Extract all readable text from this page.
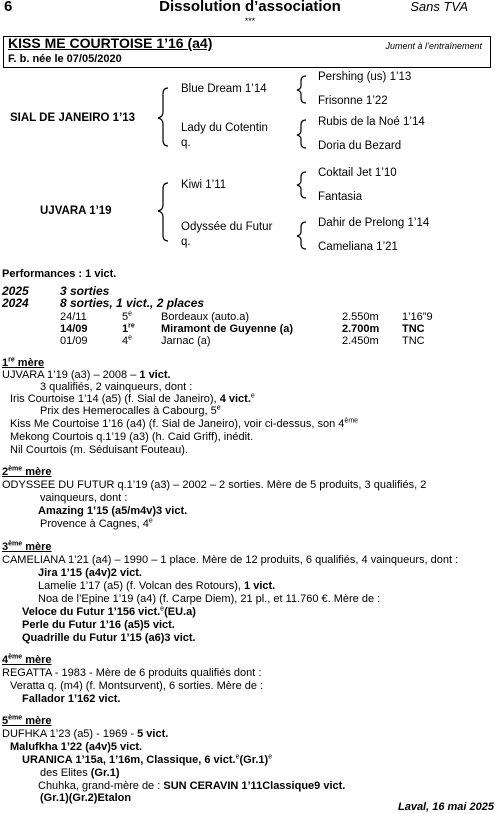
6	Dissolution d’association
***
Sans TVA
KISS ME COURTOISE 1’16 (a4)	Jument à l’entraînement
F. b. née le 07/05/2020
SIAL DE JANEIRO 1’13
UJVARA 1’19
Blue Dream 1’14
Lady du Cotentin
q.
Kiwi 1’11
Odyssée du Futur
q.
Pershing (us) 1’13
Frisonne 1’22
Rubis de la Noé 1’14
Doria du Bezard
Coktail Jet 1’10
Fantasia
Dahir de Prelong 1’14
Cameliana 1’21
Performances : 1 vict.
2025	3 sorties
2024	8 sorties, 1 vict., 2 places
24/11	5e	Bordeaux (auto.a)	2.550m 1’16”9
14/09	1re Miramont de Guyenne (a)	2.700m TNC
01/09	4e	Jarnac (a)	2.450m TNC
1re mère
UJVARA 1’19 (a3) – 2008 – 1 vict.
3 qualifiés, 2 vainqueurs, dont :
Iris Courtoise 1’14 (a5) (f. Sial de Janeiro), 4 vict.$^e$
Prix des Hemerocalles à Cabourg, 5e
Kiss Me Courtoise 1’16 (a4) (f. Sial de Janeiro), voir ci-dessus, son 4ème
Mekong Courtois q.1’19 (a3) (h. Caid Griff), inédit.
Nil Courtois (m. Séduisant Fouteau).
2ème mère
ODYSSEE DU FUTUR q.1’19 (a3) – 2002 – 2 sorties. Mère de 5 produits, 3 qualifiés, 2
vainqueurs, dont :
Amazing 1’15 (a5/m4v)3 vict.
Provence à Cagnes, 4e
3ème mère
CAMELIANA 1’21 (a4) – 1990 – 1 place. Mère de 12 produits, 6 qualifiés, 4 vainqueurs, dont :
Jira 1’15 (a4v)2 vict.
Lamelie 1’17 (a5) (f. Volcan des Rotours), 1 vict.
Noa de l’Epine 1’19 (a4) (f. Carpe Diem), 21 pl., et 11.760 €. Mère de :
Veloce du Futur 1’156 vict.$^e$(EU.a)
Perle du Futur 1’16 (a5)5 vict.
Quadrille du Futur 1’15 (a6)3 vict.
4ème mère
REGATTA - 1983 - Mère de 6 produits qualifiés dont :
Veratta q. (m4) (f. Montsurvent), 6 sorties. Mère de :
Fallador 1’162 vict.
5ème mère
DUFHKA 1’23 (a5) - 1969 - 5 vict.
Malufkha 1’22 (a4v)5 vict.
URANICA 1’15a, 1’16m, Classique, 6 $vict.^e(Gr.1)^e$
des Elites (Gr.1)
Chuhka, grand-mère de : SUN CERAVIN 1’11Classique9 vict.
(Gr.1)(Gr.2)Etalon
Laval, 16 mai 2025
